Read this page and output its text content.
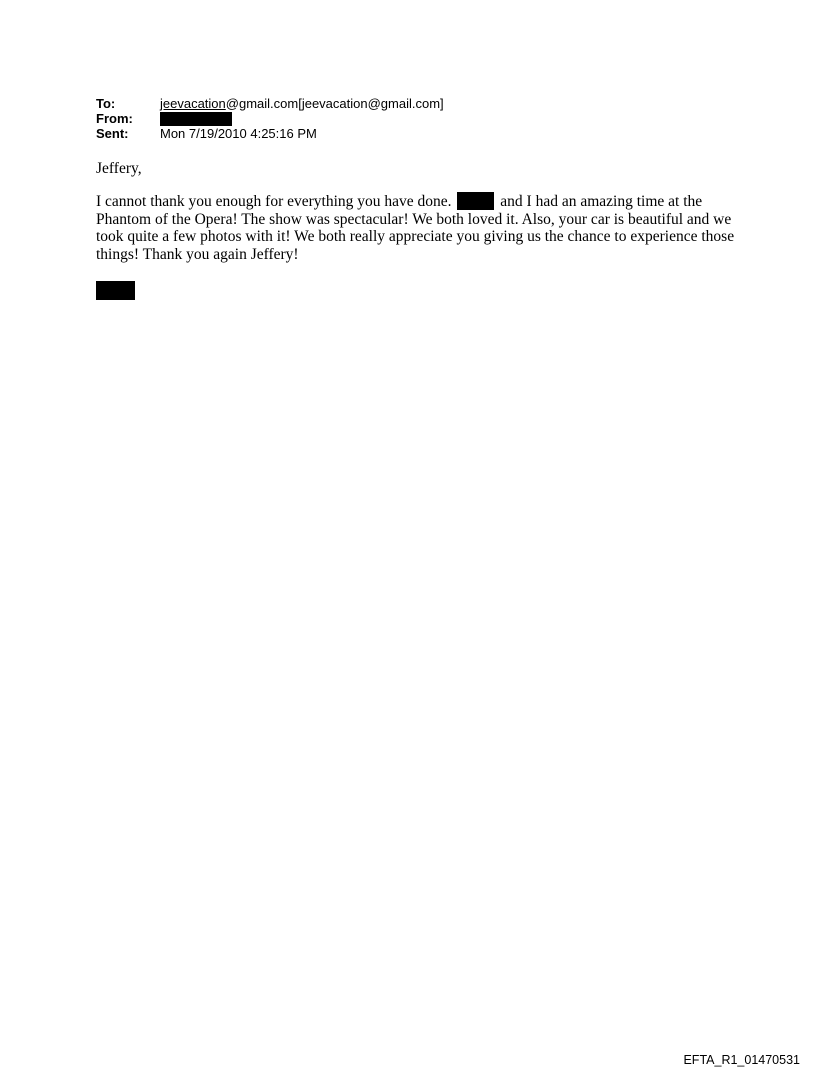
To:	jeevacation@gmail.com[jeevacation@gmail.com]
From:
Sent:	Mon 7/19/2010 4:25:16 PM
Jeffery,

I cannot thank you enough for everything you have done.	and I had an amazing time at the Phantom of the Opera! The show was spectacular! We both loved it. Also, your car is beautiful and we took quite a few photos with it! We both really appreciate you giving us the chance to experience those things! Thank you again Jeffery!

EFTA_R1_01470531
